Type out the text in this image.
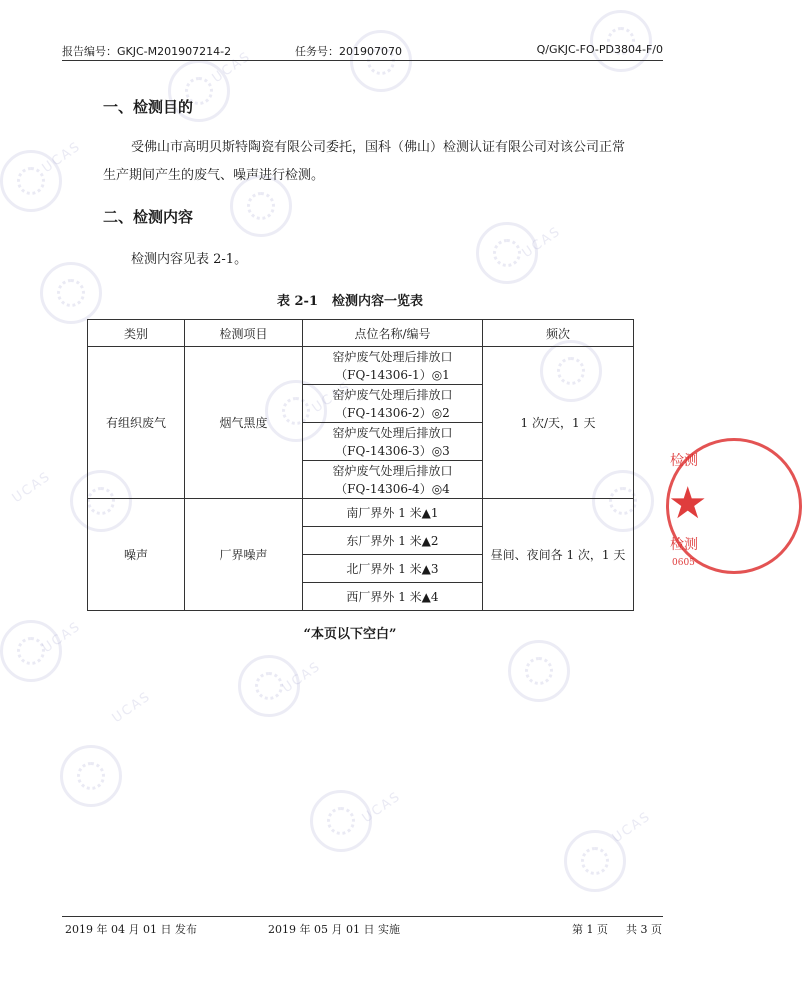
UCAS
UCAS
UCAS
UCAS
UCAS
UCAS
UCAS
UCAS
UCAS
UCAS
报告编号：GKJC-M201907214-2	任务号：201907070	Q/GKJC-FO-PD3804-F/0
一、检测目的
受佛山市高明贝斯特陶瓷有限公司委托，国科（佛山）检测认证有限公司对该公司正常生产期间产生的废气、噪声进行检测。
二、检测内容
检测内容见表 2-1。
表 2-1 检测内容一览表
类别	检测项目	点位名称/编号	频次
有组织废气	烟气黑度	窑炉废气处理后排放口
（FQ-14306-1）◎1	1 次/天，1 天
		窑炉废气处理后排放口
（FQ-14306-2）◎2	
		窑炉废气处理后排放口
（FQ-14306-3）◎3	
		窑炉废气处理后排放口
（FQ-14306-4）◎4	
噪声	厂界噪声	南厂界外 1 米▲1	昼间、夜间各 1 次，1 天
		东厂界外 1 米▲2	
		北厂界外 1 米▲3	
		西厂界外 1 米▲4	
“本页以下空白”
检测
★
检测
0605
2019 年 04 月 01 日 发布	2019 年 05 月 01 日 实施	第 1 页 共 3 页
